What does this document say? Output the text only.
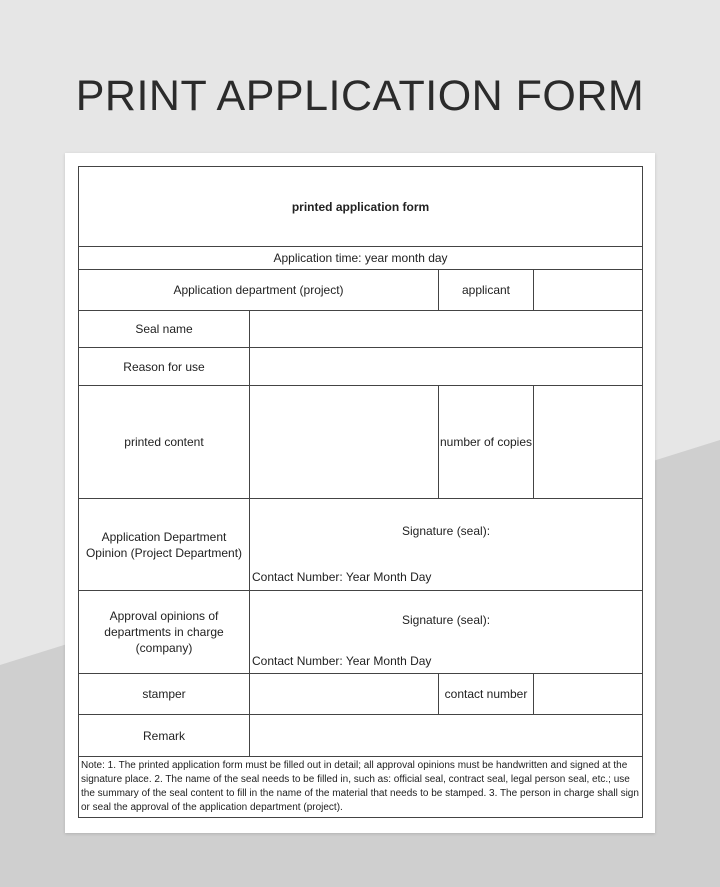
PRINT APPLICATION FORM
printed application form			
Application time: year month day			
Application department (project)		applicant	
Seal name			
Reason for use			
printed content		number of copies	
Application Department Opinion (Project Department)	Signature (seal):
Contact Number: Year Month Day		

Approval opinions of departments in charge (company)	Signature (seal):
Contact Number: Year Month Day		

stamper		contact number	
Remark			
Note: 1. The printed application form must be filled out in detail; all approval opinions must be handwritten and signed at the signature place. 2. The name of the seal needs to be filled in, such as: official seal, contract seal, legal person seal, etc.; use the summary of the seal content to fill in the name of the material that needs to be stamped. 3. The person in charge shall sign or seal the approval of the application department (project).			
